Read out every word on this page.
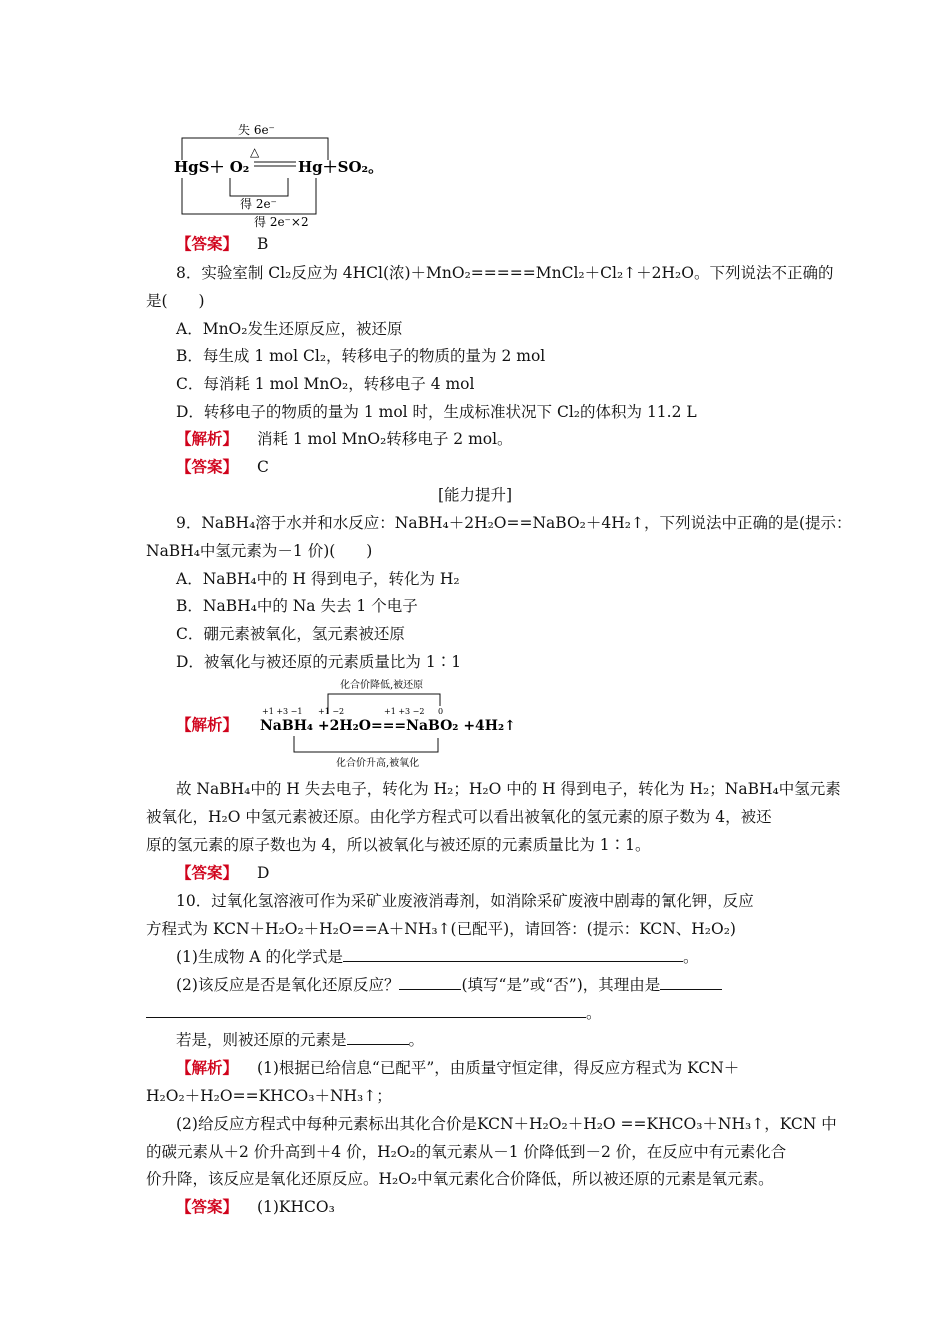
失 6e⁻
△
HgS＋ O₂	Hg＋SO₂。
得 2e⁻
得 2e⁻×2
【答案】 B
8．实验室制 Cl₂反应为 4HCl(浓)＋MnO₂=====MnCl₂＋Cl₂↑＋2H₂O。下列说法不正确的
是(　　)
A．MnO₂发生还原反应，被还原
B．每生成 1 mol Cl₂，转移电子的物质的量为 2 mol
C．每消耗 1 mol MnO₂，转移电子 4 mol
D．转移电子的物质的量为 1 mol 时，生成标准状况下 Cl₂的体积为 11.2 L
【解析】 消耗 1 mol MnO₂转移电子 2 mol。
【答案】 C
[能力提升]
9．NaBH₄溶于水并和水反应：NaBH₄＋2H₂O==NaBO₂＋4H₂↑，下列说法中正确的是(提示：
NaBH₄中氢元素为－1 价)(　　)
A．NaBH₄中的 H 得到电子，转化为 H₂
B．NaBH₄中的 Na 失去 1 个电子
C．硼元素被氧化，氢元素被还原
D．被氧化与被还原的元素质量比为 1∶1
【解析】
化合价降低,被还原
+1 +3 −1 +1 −2	+1 +3 −2 0
NaBH₄ +2H₂O===NaBO₂ +4H₂↑
化合价升高,被氧化
故 NaBH₄中的 H 失去电子，转化为 H₂；H₂O 中的 H 得到电子，转化为 H₂；NaBH₄中氢元素
被氧化，H₂O 中氢元素被还原。由化学方程式可以看出被氧化的氢元素的原子数为 4，被还
原的氢元素的原子数也为 4，所以被氧化与被还原的元素质量比为 1∶1。
【答案】 D
10．过氧化氢溶液可作为采矿业废液消毒剂，如消除采矿废液中剧毒的氰化钾，反应
方程式为 KCN＋H₂O₂＋H₂O==A＋NH₃↑(已配平)，请回答：(提示：KCN、H₂O₂)
(1)生成物 A 的化学式是	。
(2)该反应是否是氧化还原反应？	(填写“是”或“否”)，其理由是
。
若是，则被还原的元素是	。
【解析】 (1)根据已给信息“已配平”，由质量守恒定律，得反应方程式为 KCN＋
H₂O₂＋H₂O==KHCO₃＋NH₃↑；
(2)给反应方程式中每种元素标出其化合价是KCN＋H₂O₂＋H₂O ==KHCO₃＋NH₃↑，KCN 中
的碳元素从＋2 价升高到＋4 价，H₂O₂的氧元素从－1 价降低到－2 价，在反应中有元素化合
价升降，该反应是氧化还原反应。H₂O₂中氧元素化合价降低，所以被还原的元素是氧元素。
【答案】 (1)KHCO₃
